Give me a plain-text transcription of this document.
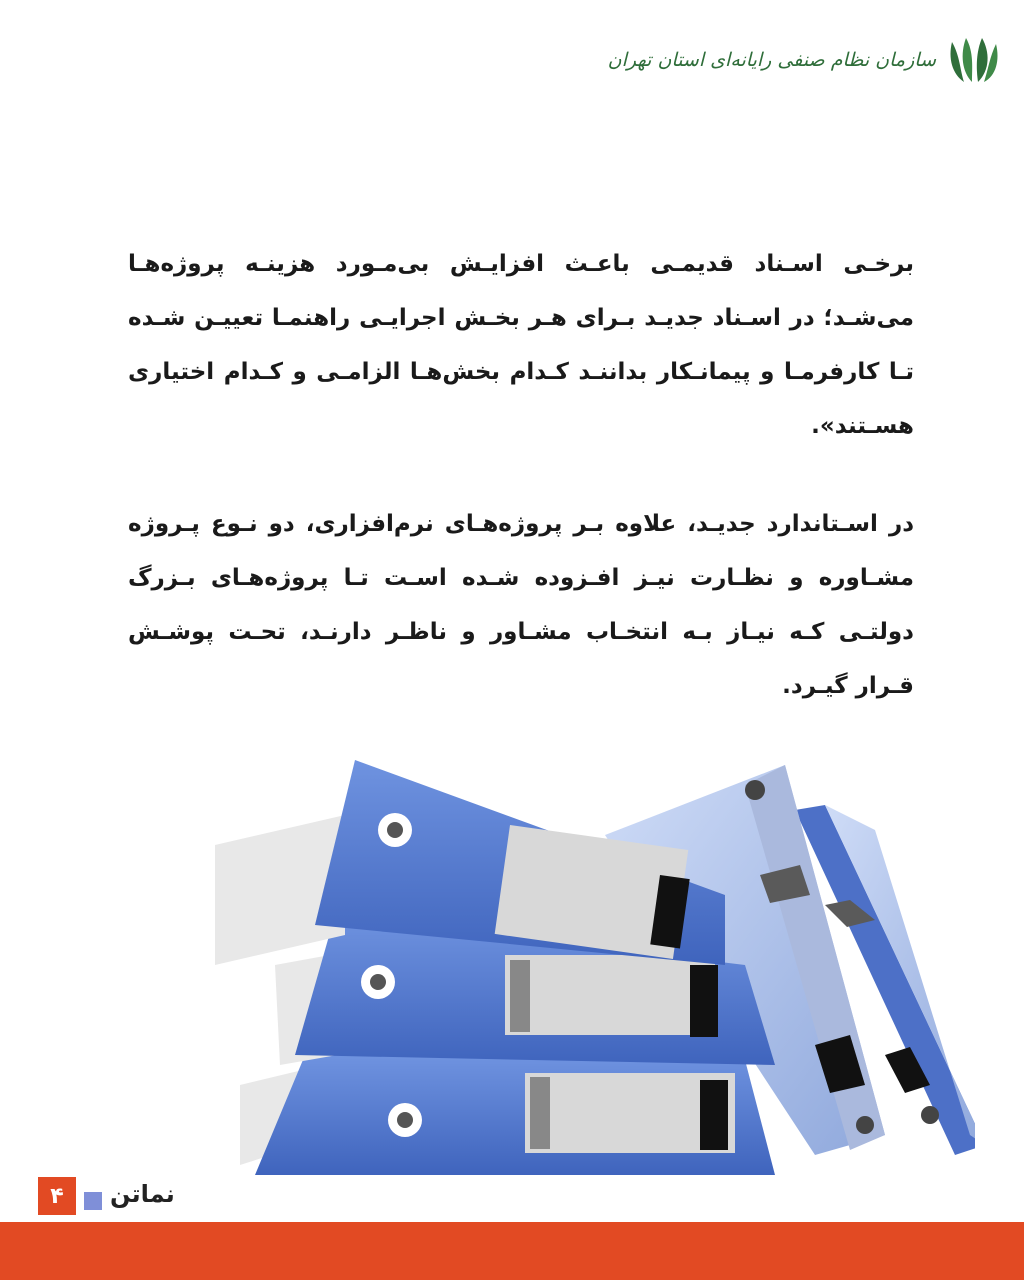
سازمان نظام صنفی رایانه‌ای استان تهران
برخـی اسـناد قدیمـی باعـث افزایـش بی‌مـورد هزینـه پروژه‌هـا می‌شـد؛ در اسـناد جدیـد بـرای هـر بخـش اجرایـی راهنمـا تعییـن شـده تـا کارفرمـا و پیمانـکار بداننـد کـدام بخش‌هـا الزامـی و کـدام اختیاری هسـتند».
در اسـتاندارد جدیـد، علاوه بـر پروژه‌هـای نرم‌افزاری، دو نـوع پـروژه مشـاوره و نظـارت نیـز افـزوده شـده اسـت تـا پروژه‌هـای بـزرگ دولتـی کـه نیـاز بـه انتخـاب مشـاور و ناظـر دارنـد، تحـت پوشـش قـرار گیـرد.
۴	نماتن
